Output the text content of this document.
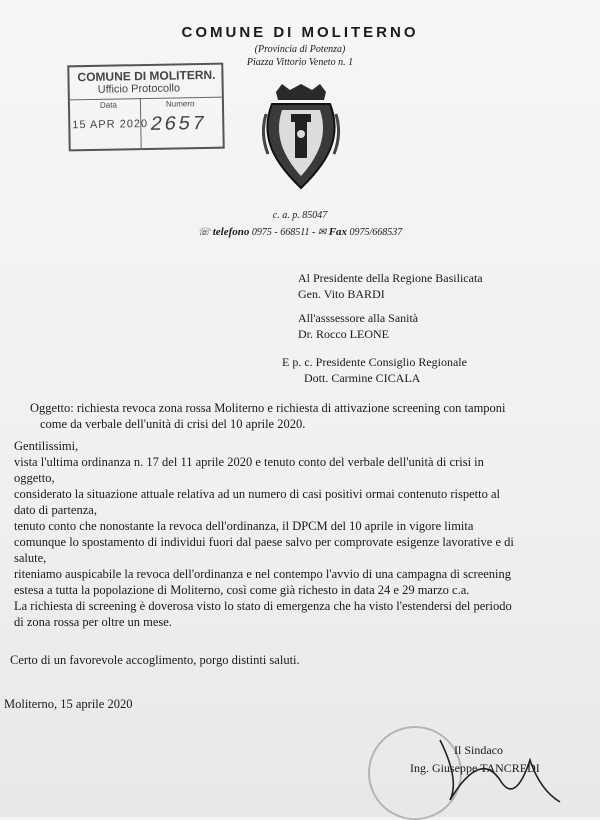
COMUNE DI MOLITERNO
(Provincia di Potenza)
Piazza Vittorio Veneto n. 1
COMUNE DI MOLITERN.
Ufficio Protocollo
Data	Numero
15 APR 2020 2657
c. a. p. 85047
☏ telefono 0975 - 668511 - ✉ Fax 0975/668537
Al Presidente della Regione Basilicata
Gen. Vito BARDI
All'asssessore alla Sanità
Dr. Rocco LEONE
E p. c. Presidente Consiglio Regionale
Dott. Carmine CICALA
Oggetto: richiesta revoca zona rossa Moliterno e richiesta di attivazione screening con tamponi
come da verbale dell'unità di crisi del 10 aprile 2020.
Gentilissimi,
vista l'ultima ordinanza n. 17 del 11 aprile 2020 e tenuto conto del verbale dell'unità di crisi in
oggetto,
considerato la situazione attuale relativa ad un numero di casi positivi ormai contenuto rispetto al
dato di partenza,
tenuto conto che nonostante la revoca dell'ordinanza, il DPCM del 10 aprile in vigore limita
comunque lo spostamento di individui fuori dal paese salvo per comprovate esigenze lavorative e di
salute,
riteniamo auspicabile la revoca dell'ordinanza e nel contempo l'avvio di una campagna di screening
estesa a tutta la popolazione di Moliterno, così come già richesto in data 24 e 29 marzo c.a.
La richiesta di screening è doverosa visto lo stato di emergenza che ha visto l'estendersi del periodo
di zona rossa per oltre un mese.
Certo di un favorevole accoglimento, porgo distinti saluti.
Moliterno, 15 aprile 2020
Il Sindaco
Ing. Giuseppe TANCREDI
